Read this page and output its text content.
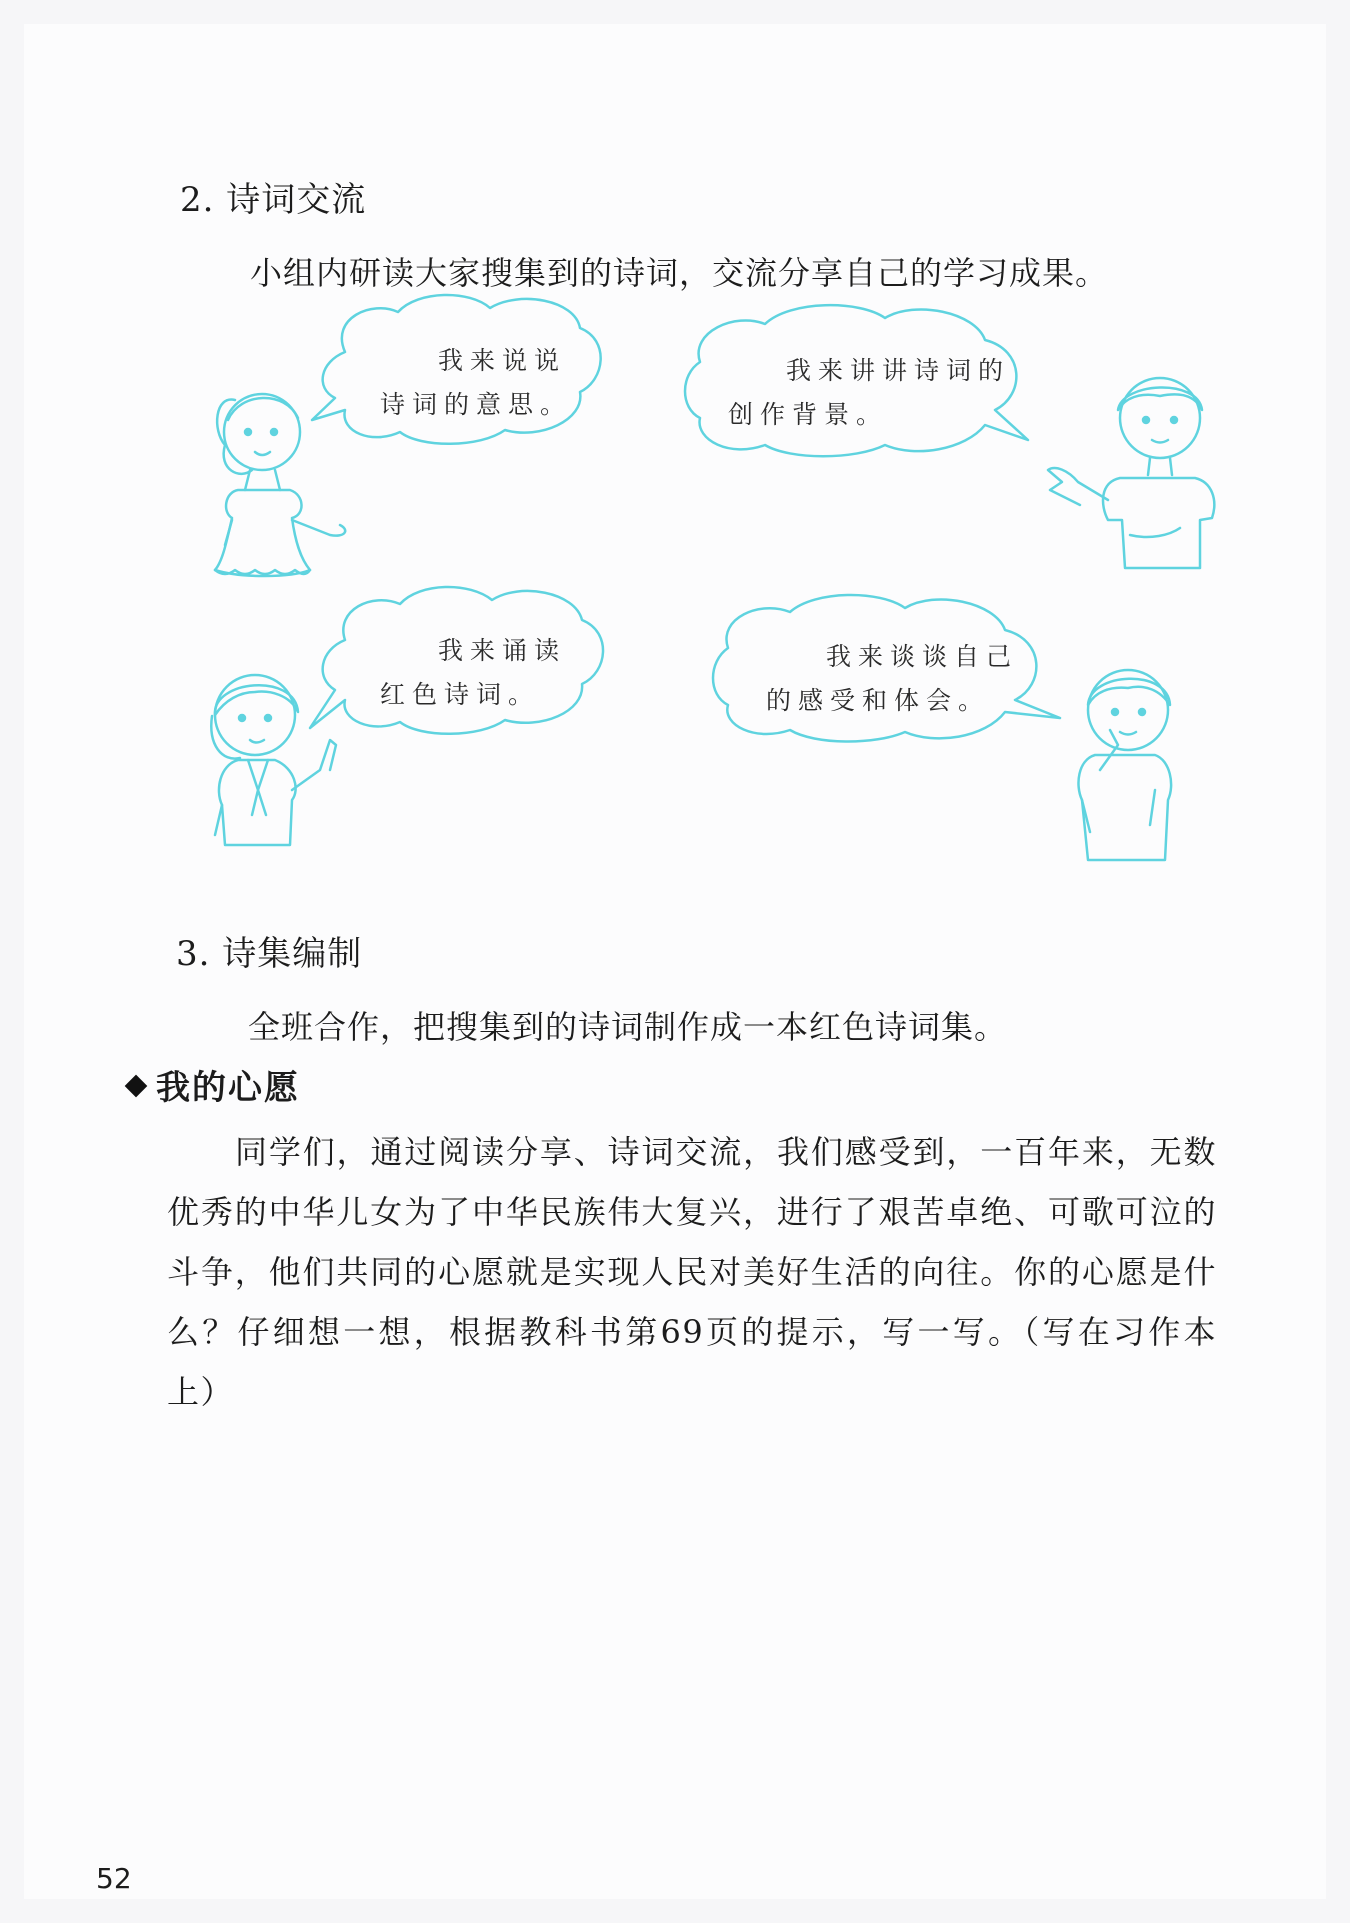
2. 诗词交流
小组内研读大家搜集到的诗词，交流分享自己的学习成果。
我来说说
诗词的意思。
我来讲讲诗词的
创作背景。
我来诵读
红色诗词。
我来谈谈自己
的感受和体会。
3. 诗集编制
全班合作，把搜集到的诗词制作成一本红色诗词集。
我的心愿
同学们，通过阅读分享、诗词交流，我们感受到，一百年来，无数优秀的中华儿女为了中华民族伟大复兴，进行了艰苦卓绝、可歌可泣的斗争，他们共同的心愿就是实现人民对美好生活的向往。你的心愿是什么？仔细想一想，根据教科书第69页的提示，写一写。（写在习作本上）
52
